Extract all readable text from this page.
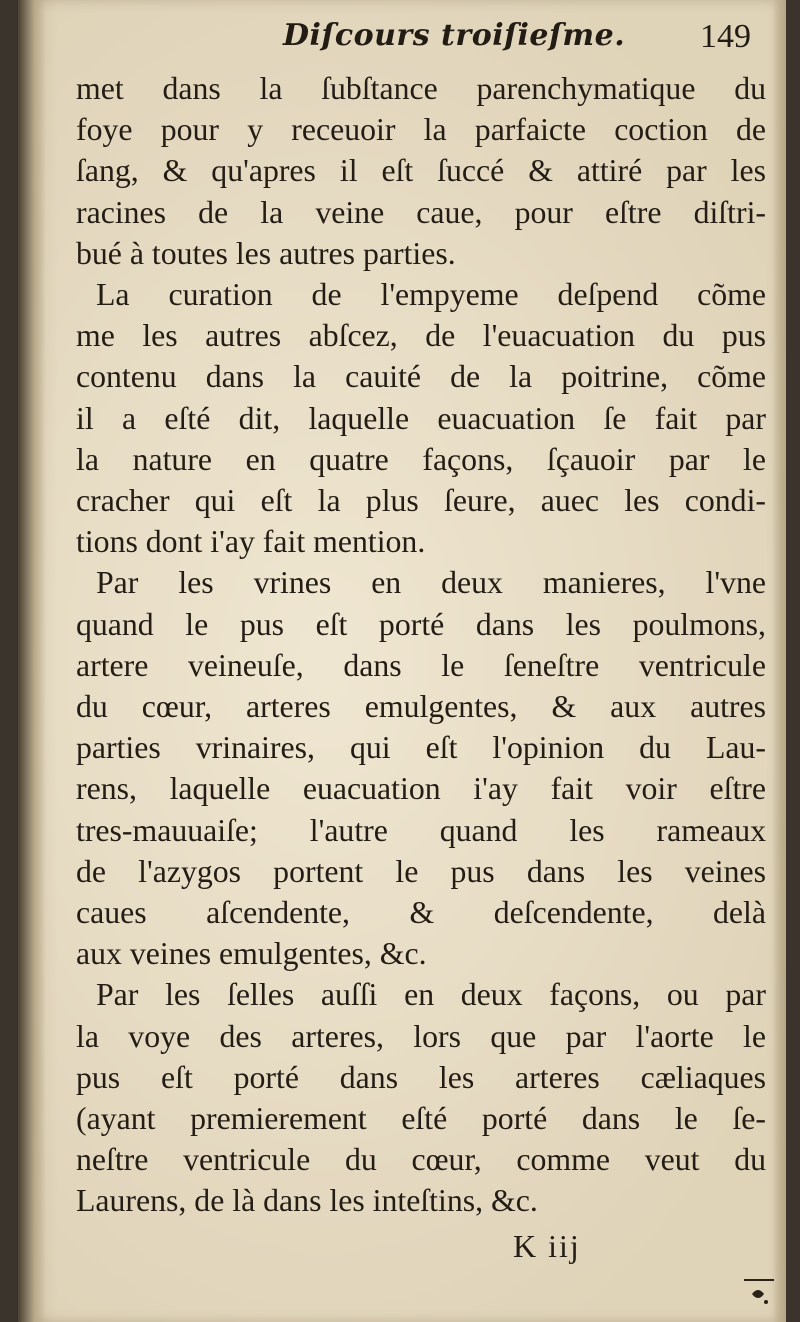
Diſcours troiſieſme. 149
met dans la ſubſtance parenchymatique du
foye pour y receuoir la parfaicte coction de
ſang, & qu'apres il eſt ſuccé & attiré par les
racines de la veine caue, pour eſtre diſtri-
bué à toutes les autres parties.
La curation de l'empyeme deſpend cõme
me les autres abſcez, de l'euacuation du pus
contenu dans la cauité de la poitrine, cõme
il a eſté dit, laquelle euacuation ſe fait par
la nature en quatre façons, ſçauoir par le
cracher qui eſt la plus ſeure, auec les condi-
tions dont i'ay fait mention.
Par les vrines en deux manieres, l'vne
quand le pus eſt porté dans les poulmons,
artere veineuſe, dans le ſeneſtre ventricule
du cœur, arteres emulgentes, & aux autres
parties vrinaires, qui eſt l'opinion du Lau-
rens, laquelle euacuation i'ay fait voir eſtre
tres-mauuaiſe; l'autre quand les rameaux
de l'azygos portent le pus dans les veines
caues aſcendente, & deſcendente, delà
aux veines emulgentes, &c.
Par les ſelles auſſi en deux façons, ou par
la voye des arteres, lors que par l'aorte le
pus eſt porté dans les arteres cæliaques
(ayant premierement eſté porté dans le ſe-
neſtre ventricule du cœur, comme veut du
Laurens, de là dans les inteſtins, &c.
K iij
